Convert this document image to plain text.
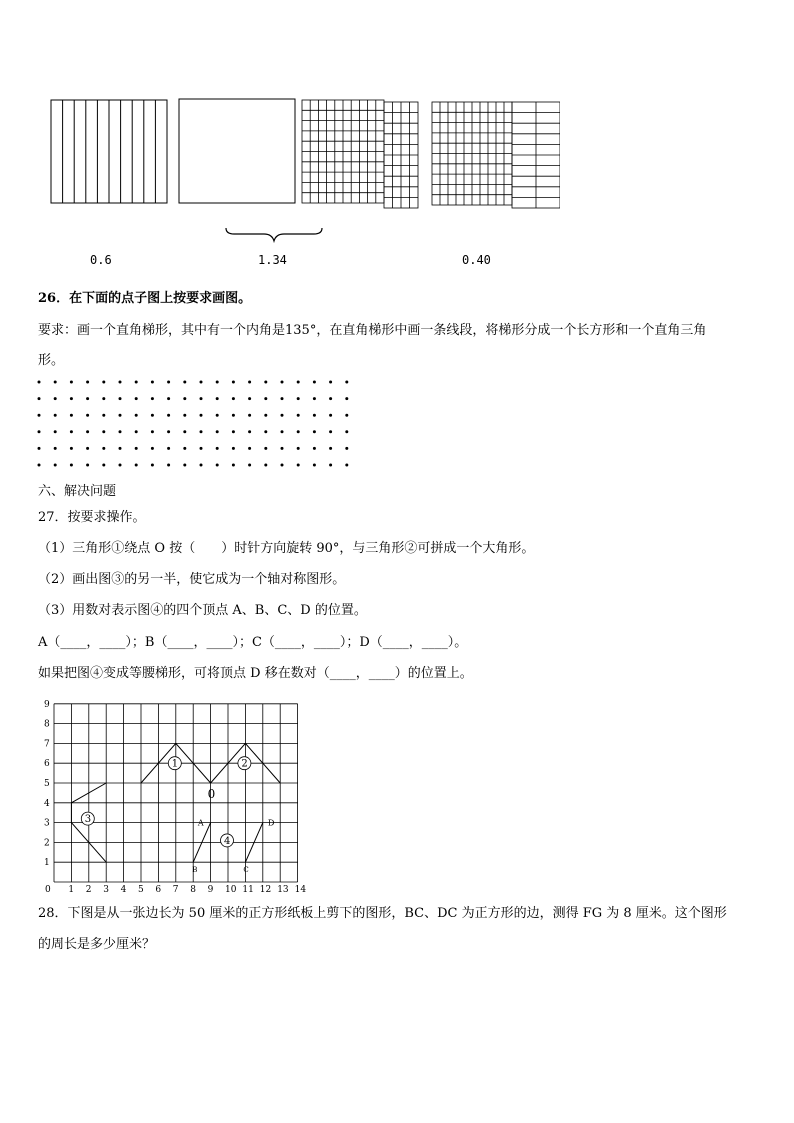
0.6	1.34	0.40
26．在下面的点子图上按要求画图。
要求：画一个直角梯形，其中有一个内角是135°，在直角梯形中画一条线段，将梯形分成一个长方形和一个直角三角
形。
六、解决问题
27．按要求操作。
（1）三角形①绕点 O 按（　　）时针方向旋转 90°，与三角形②可拼成一个大角形。
（2）画出图③的另一半，使它成为一个轴对称图形。
（3）用数对表示图④的四个顶点 A、B、C、D 的位置。
A（____，____）；B（____，____）；C（____，____）；D（____，____）。
如果把图④变成等腰梯形，可将顶点 D 移在数对（____，____）的位置上。
0 1 2 3 4 5 6 7 8 9 10 11 12 13 14
1
2
3
4
5
6
7
8
9
1	2
3
4
0
A
B	C
D
28．下图是从一张边长为 50 厘米的正方形纸板上剪下的图形，BC、DC 为正方形的边，测得 FG 为 8 厘米。这个图形
的周长是多少厘米？
